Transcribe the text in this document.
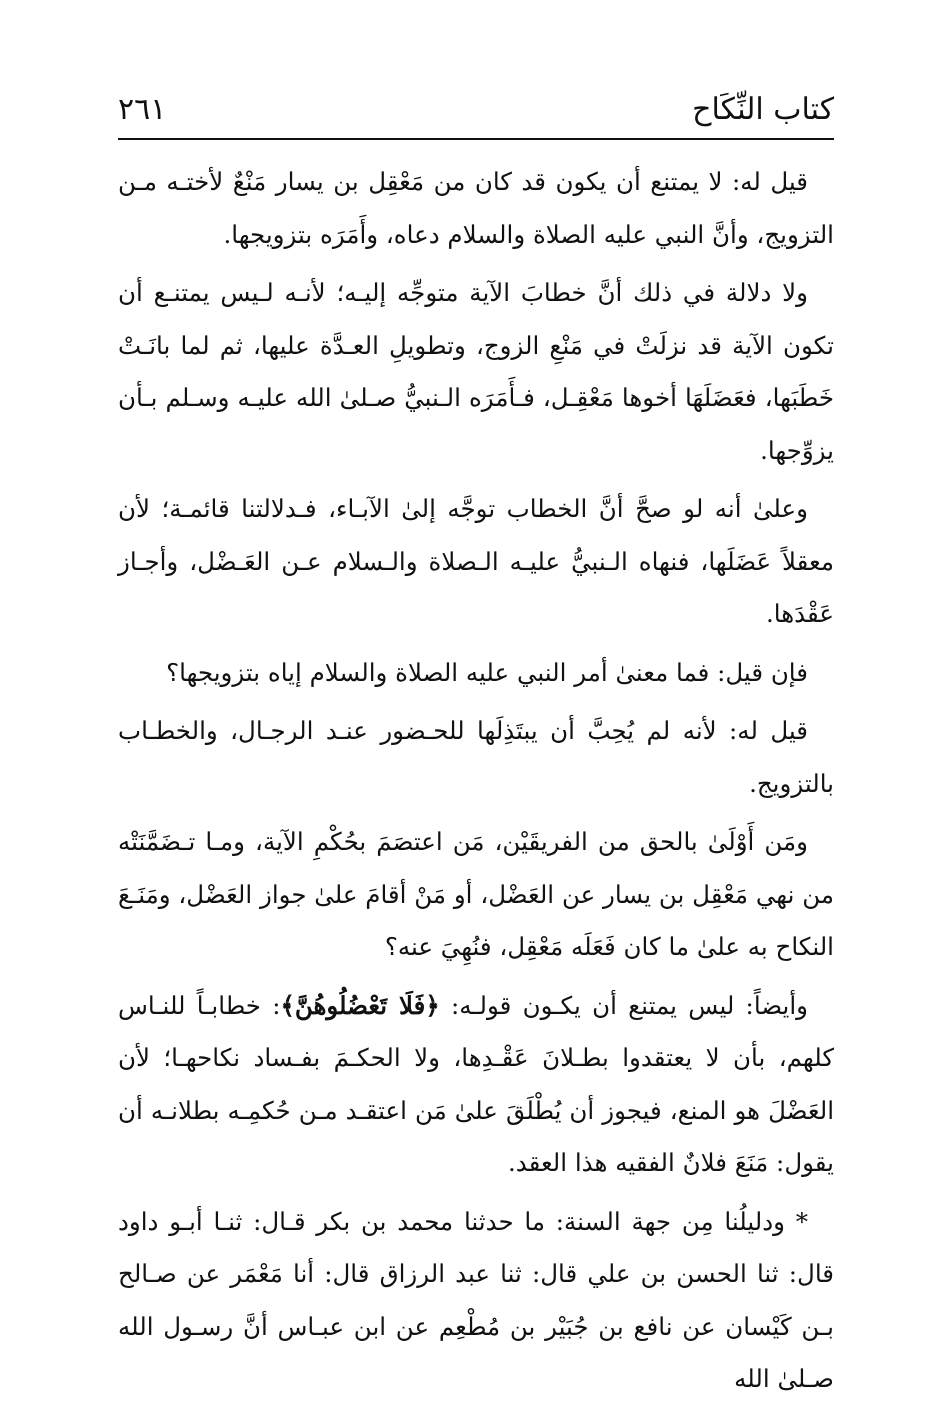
كتاب النِّكَاح
٢٦١

قيل له: لا يمتنع أن يكون قد كان من مَعْقِل بن يسار مَنْعٌ لأختـه مـن التزويج، وأنَّ النبي عليه الصلاة والسلام دعاه، وأَمَرَه بتزويجها.

ولا دلالة في ذلك أنَّ خطابَ الآية متوجِّه إليـه؛ لأنـه لـيس يمتنـع أن تكون الآية قد نزلَتْ في مَنْعِ الزوج، وتطويلِ العـدَّة عليها، ثم لما بانَـتْ خَطَبَها، فعَضَلَهَا أخوها مَعْقِـل، فـأَمَرَه الـنبيُّ صـلىٰ الله عليـه وسـلم بـأن يزوِّجها.

وعلىٰ أنه لو صحَّ أنَّ الخطاب توجَّه إلىٰ الآبـاء، فـدلالتنا قائمـة؛ لأن معقلاً عَضَلَها، فنهاه الـنبيُّ عليـه الـصلاة والـسلام عـن العَـضْل، وأجـاز عَقْدَها.

فإن قيل: فما معنىٰ أمر النبي عليه الصلاة والسلام إياه بتزويجها؟

قيل له: لأنه لم يُحِبَّ أن يبتَذِلَها للحـضور عنـد الرجـال، والخطـاب بالتزويج.

ومَن أَوْلَىٰ بالحق من الفريقَيْن، مَن اعتصَمَ بحُكْمِ الآية، ومـا تـضَمَّنَتْه من نهي مَعْقِل بن يسار عن العَضْل، أو مَنْ أقامَ علىٰ جواز العَضْل، ومَنَـعَ النكاح به علىٰ ما كان فَعَلَه مَعْقِل، فنُهِيَ عنه؟

وأيضاً: ليس يمتنع أن يكـون قولـه: ﴿فَلَا تَعْضُلُوهُنَّ﴾: خطابـاً للنـاس كلهم، بأن لا يعتقدوا بطـلانَ عَقْـدِها، ولا الحكـمَ بفـساد نكاحهـا؛ لأن العَضْلَ هو المنع، فيجوز أن يُطْلَقَ علىٰ مَن اعتقـد مـن حُكمِـه بطلانـه أن يقول: مَنَعَ فلانٌ الفقيه هذا العقد.

* ودليلُنا مِن جهة السنة: ما حدثنا محمد بن بكر قـال: ثنـا أبـو داود قال: ثنا الحسن بن علي قال: ثنا عبد الرزاق قال: أنا مَعْمَر عن صـالح بـن كَيْسان عن نافع بن جُبَيْر بن مُطْعِم عن ابن عبـاس أنَّ رسـول الله صـلىٰ الله
